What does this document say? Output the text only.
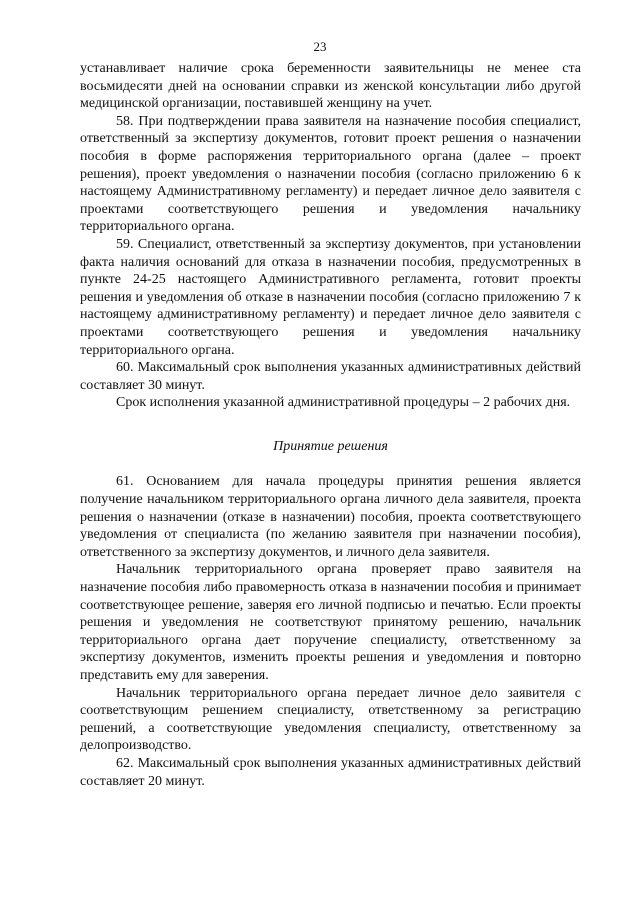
23

устанавливает наличие срока беременности заявительницы не менее ста восьмидесяти дней на основании справки из женской консультации либо другой медицинской организации, поставившей женщину на учет.

58. При подтверждении права заявителя на назначение пособия специалист, ответственный за экспертизу документов, готовит проект решения о назначении пособия в форме распоряжения территориального органа (далее – проект решения), проект уведомления о назначении пособия (согласно приложению 6 к настоящему Административному регламенту) и передает личное дело заявителя с проектами соответствующего решения и уведомления начальнику территориального органа.

59. Специалист, ответственный за экспертизу документов, при установлении факта наличия оснований для отказа в назначении пособия, предусмотренных в пункте 24-25 настоящего Административного регламента, готовит проекты решения и уведомления об отказе в назначении пособия (согласно приложению 7 к настоящему административному регламенту) и передает личное дело заявителя с проектами соответствующего решения и уведомления начальнику территориального органа.

60. Максимальный срок выполнения указанных административных действий составляет 30 минут.

Срок исполнения указанной административной процедуры – 2 рабочих дня.

Принятие решения

61. Основанием для начала процедуры принятия решения является получение начальником территориального органа личного дела заявителя, проекта решения о назначении (отказе в назначении) пособия, проекта соответствующего уведомления от специалиста (по желанию заявителя при назначении пособия), ответственного за экспертизу документов, и личного дела заявителя.

Начальник территориального органа проверяет право заявителя на назначение пособия либо правомерность отказа в назначении пособия и принимает соответствующее решение, заверяя его личной подписью и печатью. Если проекты решения и уведомления не соответствуют принятому решению, начальник территориального органа дает поручение специалисту, ответственному за экспертизу документов, изменить проекты решения и уведомления и повторно представить ему для заверения.

Начальник территориального органа передает личное дело заявителя с соответствующим решением специалисту, ответственному за регистрацию решений, а соответствующие уведомления специалисту, ответственному за делопроизводство.

62. Максимальный срок выполнения указанных административных действий составляет 20 минут.
